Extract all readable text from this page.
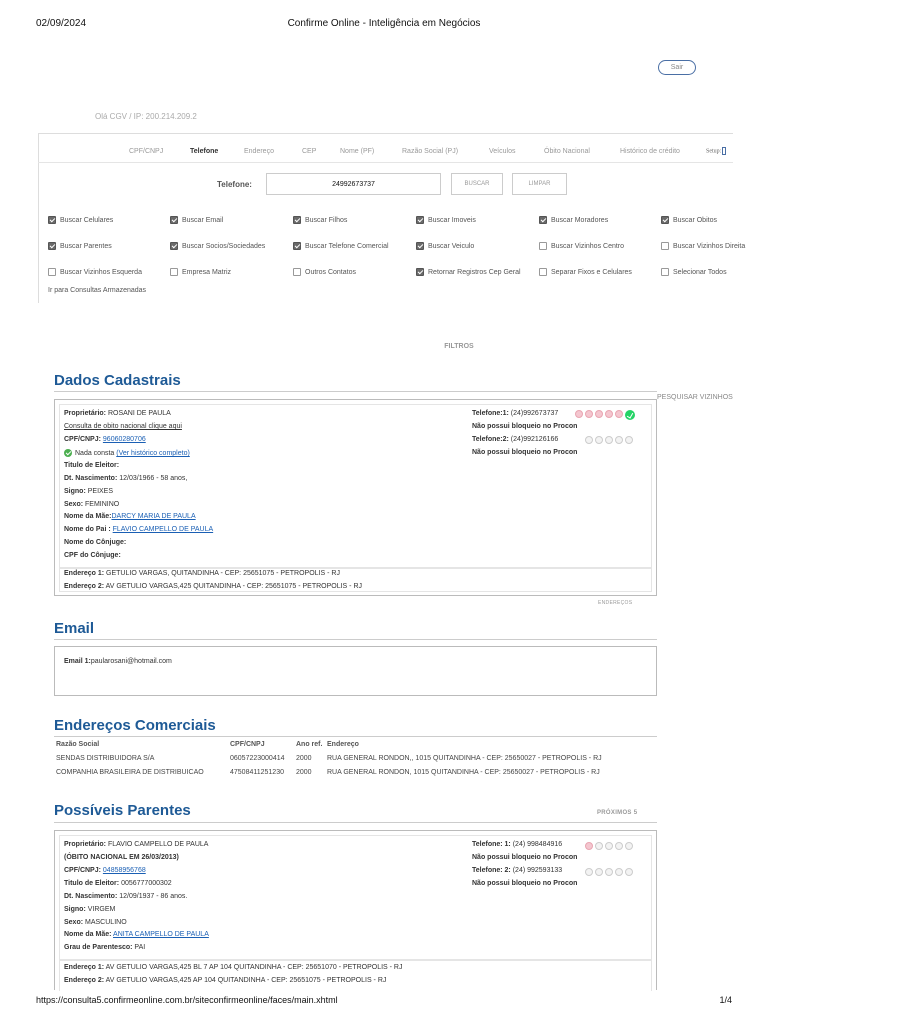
02/09/2024	Confirme Online - Inteligência em Negócios
Sair
Olá CGV / IP: 200.214.209.2
CPF/CNPJ	Telefone	Endereço	CEP	Nome (PF)	Razão Social (PJ)	Veículos	Óbito Nacional	Histórico de crédito	Setup:
Telefone:
24992673737	BUSCAR	LIMPAR
Buscar Celulares	Buscar Email	Buscar Filhos	Buscar Imoveis	Buscar Moradores	Buscar Obitos
Buscar Parentes	Buscar Socios/Sociedades	Buscar Telefone Comercial	Buscar Veiculo	Buscar Vizinhos Centro	Buscar Vizinhos Direita
Buscar Vizinhos Esquerda	Empresa Matriz	Outros Contatos	Retornar Registros Cep Geral	Separar Fixos e Celulares	Selecionar Todos
Ir para Consultas Armazenadas
FILTROS
Dados Cadastrais
PESQUISAR VIZINHOS
Proprietário: ROSANI DE PAULA
Consulta de obito nacional clique aqui
CPF/CNPJ: 96060280706
Nada consta (Ver histórico completo)
Titulo de Eleitor:
Dt. Nascimento: 12/03/1966 - 58 anos,
Signo: PEIXES
Sexo: FEMININO
Nome da Mãe:DARCY MARIA DE PAULA
Nome do Pai : FLAVIO CAMPELLO DE PAULA
Nome do Cônjuge:
CPF do Cônjuge:
Telefone:1: (24)992673737
Não possui bloqueio no Procon
Telefone:2: (24)992126166
Não possui bloqueio no Procon
Endereço 1: GETULIO VARGAS, QUITANDINHA - CEP: 25651075 - PETROPOLIS - RJ
Endereço 2: AV GETULIO VARGAS,425 QUITANDINHA - CEP: 25651075 - PETROPOLIS - RJ
ENDEREÇOS
Email
Email 1:paularosani@hotmail.com
Endereços Comerciais
Razão Social	CPF/CNPJ	Ano ref. Endereço
SENDAS DISTRIBUIDORA S/A	06057223000414 2000 RUA GENERAL RONDON,, 1015 QUITANDINHA - CEP: 25650027 - PETROPOLIS - RJ
COMPANHIA BRASILEIRA DE DISTRIBUICAO	47508411251230 2000 RUA GENERAL RONDON, 1015 QUITANDINHA - CEP: 25650027 - PETROPOLIS - RJ
Possíveis Parentes	PRÓXIMOS 5
Proprietário: FLAVIO CAMPELLO DE PAULA
(ÓBITO NACIONAL EM 26/03/2013)
CPF/CNPJ: 04858956768
Titulo de Eleitor: 0056777000302
Dt. Nascimento: 12/09/1937 - 86 anos.
Signo: VIRGEM
Sexo: MASCULINO
Nome da Mãe: ANITA CAMPELLO DE PAULA
Grau de Parentesco: PAI
Telefone: 1: (24) 998484916
Não possui bloqueio no Procon
Telefone: 2: (24) 992593133
Não possui bloqueio no Procon
Endereço 1: AV GETULIO VARGAS,425 BL 7 AP 104 QUITANDINHA - CEP: 25651070 - PETROPOLIS - RJ
Endereço 2: AV GETULIO VARGAS,425 AP 104 QUITANDINHA - CEP: 25651075 - PETROPOLIS - RJ
https://consulta5.confirmeonline.com.br/siteconfirmeonline/faces/main.xhtml	1/4
